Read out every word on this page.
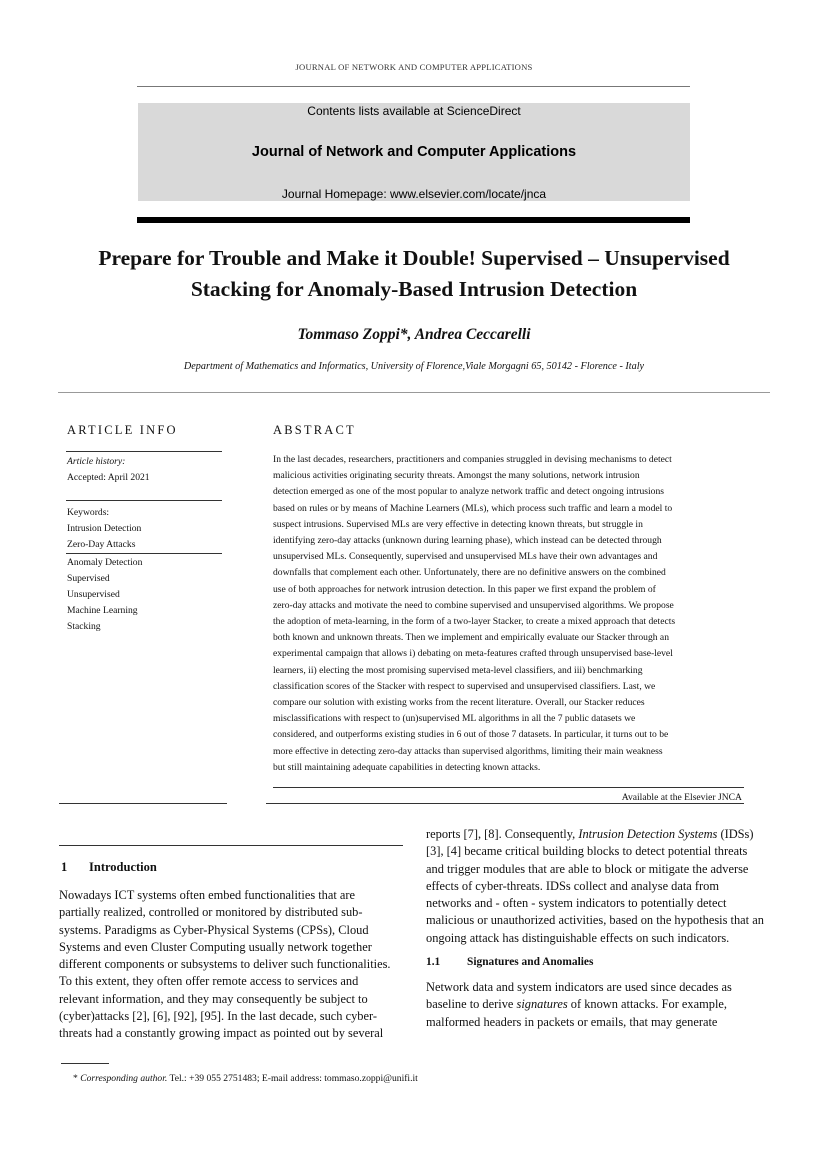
JOURNAL OF NETWORK AND COMPUTER APPLICATIONS
Contents lists available at ScienceDirect
Journal of Network and Computer Applications
Journal Homepage: www.elsevier.com/locate/jnca
Prepare for Trouble and Make it Double! Supervised – Unsupervised
Stacking for Anomaly-Based Intrusion Detection
Tommaso Zoppi*, Andrea Ceccarelli
Department of Mathematics and Informatics, University of Florence,Viale Morgagni 65, 50142 - Florence - Italy
ARTICLE INFO
Article history:
Accepted: April 2021
Keywords:
Intrusion Detection
Zero-Day Attacks
Anomaly Detection
Supervised
Unsupervised
Machine Learning
Stacking
ABSTRACT
In the last decades, researchers, practitioners and companies struggled in devising mechanisms to detect
malicious activities originating security threats. Amongst the many solutions, network intrusion
detection emerged as one of the most popular to analyze network traffic and detect ongoing intrusions
based on rules or by means of Machine Learners (MLs), which process such traffic and learn a model to
suspect intrusions. Supervised MLs are very effective in detecting known threats, but struggle in
identifying zero-day attacks (unknown during learning phase), which instead can be detected through
unsupervised MLs. Consequently, supervised and unsupervised MLs have their own advantages and
downfalls that complement each other. Unfortunately, there are no definitive answers on the combined
use of both approaches for network intrusion detection. In this paper we first expand the problem of
zero-day attacks and motivate the need to combine supervised and unsupervised algorithms. We propose
the adoption of meta-learning, in the form of a two-layer Stacker, to create a mixed approach that detects
both known and unknown threats. Then we implement and empirically evaluate our Stacker through an
experimental campaign that allows i) debating on meta-features crafted through unsupervised base-level
learners, ii) electing the most promising supervised meta-level classifiers, and iii) benchmarking
classification scores of the Stacker with respect to supervised and unsupervised classifiers. Last, we
compare our solution with existing works from the recent literature. Overall, our Stacker reduces
misclassifications with respect to (un)supervised ML algorithms in all the 7 public datasets we
considered, and outperforms existing studies in 6 out of those 7 datasets. In particular, it turns out to be
more effective in detecting zero-day attacks than supervised algorithms, limiting their main weakness
but still maintaining adequate capabilities in detecting known attacks.
Available at the Elsevier JNCA
1 Introduction
Nowadays ICT systems often embed functionalities that are
partially realized, controlled or monitored by distributed sub-
systems. Paradigms as Cyber-Physical Systems (CPSs), Cloud
Systems and even Cluster Computing usually network together
different components or subsystems to deliver such functionalities.
To this extent, they often offer remote access to services and
relevant information, and they may consequently be subject to
(cyber)attacks [2], [6], [92], [95]. In the last decade, such cyber-
threats had a constantly growing impact as pointed out by several
reports [7], [8]. Consequently, Intrusion Detection Systems (IDSs)
[3], [4] became critical building blocks to detect potential threats
and trigger modules that are able to block or mitigate the adverse
effects of cyber-threats. IDSs collect and analyse data from
networks and - often - system indicators to potentially detect
malicious or unauthorized activities, based on the hypothesis that an
ongoing attack has distinguishable effects on such indicators.
1.1 Signatures and Anomalies
Network data and system indicators are used since decades as
baseline to derive signatures of known attacks. For example,
malformed headers in packets or emails, that may generate
* Corresponding author. Tel.: +39 055 2751483; E-mail address: tommaso.zoppi@unifi.it
